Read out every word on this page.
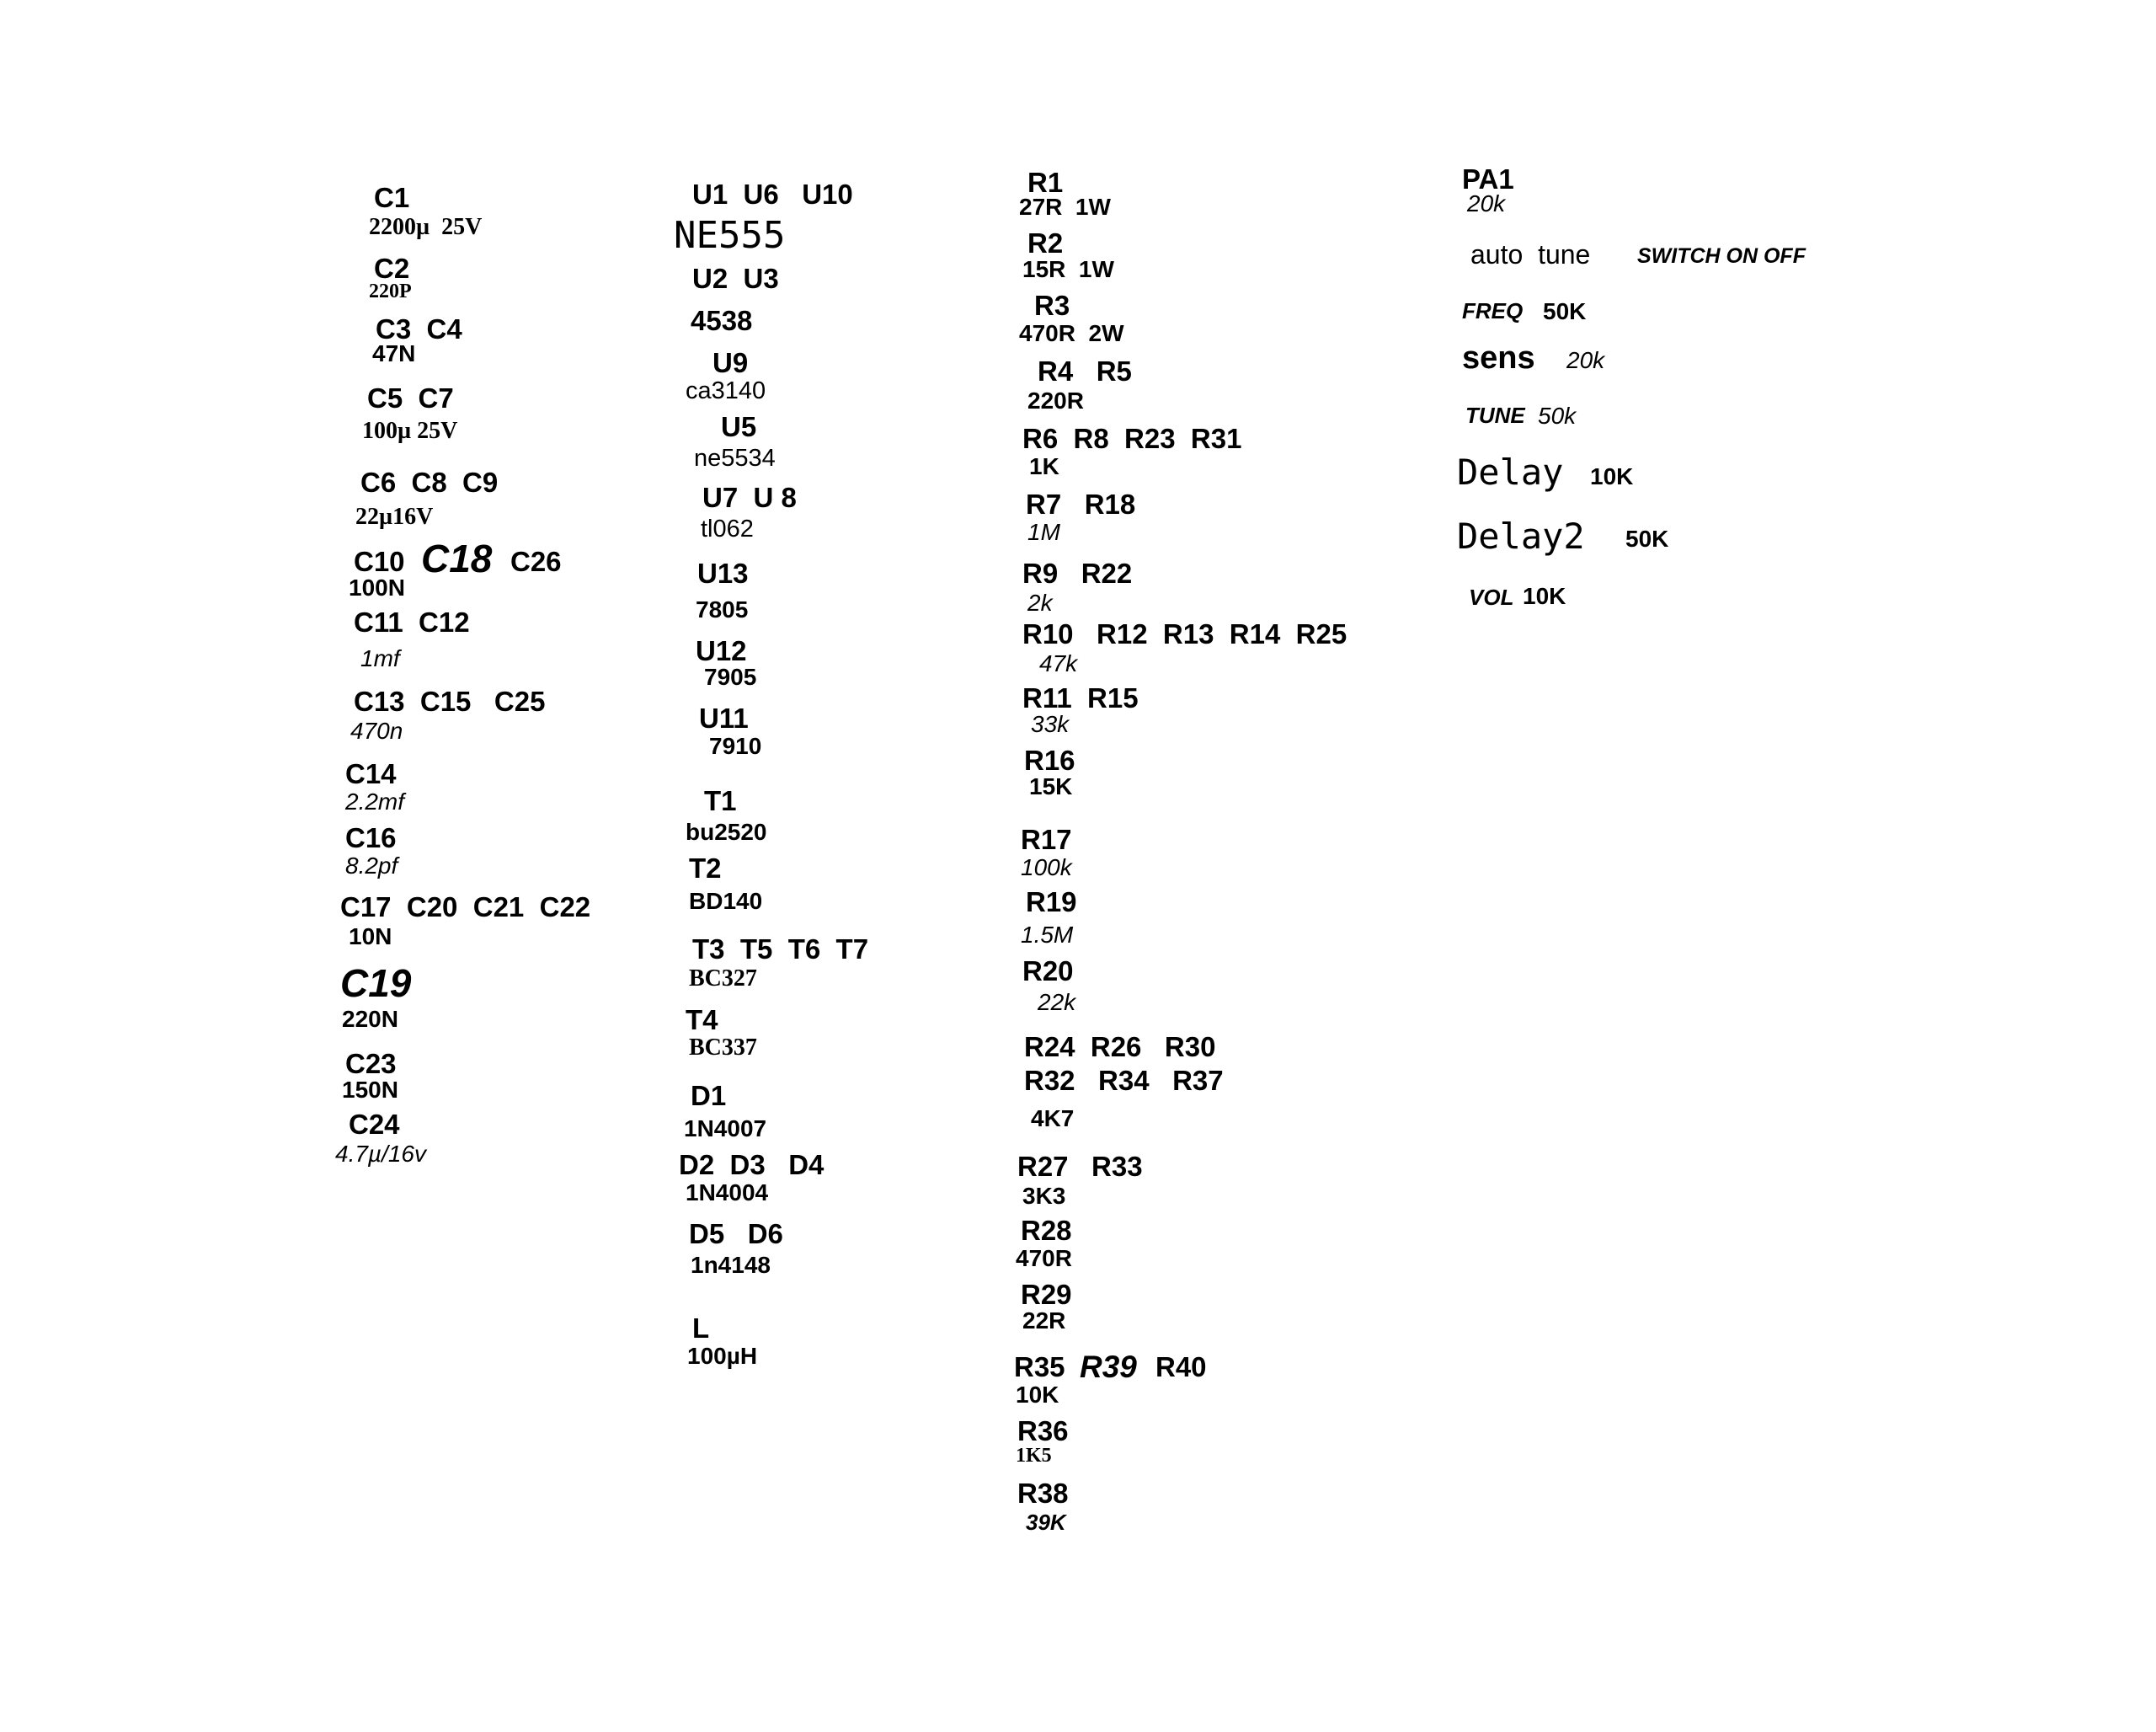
C1
2200µ  25V
C2
220P
C3  C4
47N
C5  C7
100µ 25V
C6  C8  C9
22µ16V
C10 C18 C26
100N
C11  C12
1mf
C13  C15   C25
470n
C14
2.2mf
C16
8.2pf
C17  C20  C21  C22
10N
C19
220N
C23
150N
C24
4.7µ/16v
U1  U6   U10
NE555
U2  U3
4538
U9
ca3140
U5
ne5534
U7  U 8
tl062
U13
7805
U12
7905
U11
7910
T1
bu2520
T2
BD140
T3  T5  T6  T7
BC327
T4
BC337
D1
1N4007
D2  D3   D4
1N4004
D5   D6
1n4148
L
100µH
R1
27R  1W
R2
15R  1W
R3
470R  2W
R4   R5
220R
R6  R8  R23  R31
1K
R7   R18
1M
R9   R22
2k
R10   R12  R13  R14  R25
47k
R11  R15
33k
R16
15K
R17
100k
R19
1.5M
R20
22k
R24  R26   R30
R32   R34   R37
4K7
R27   R33
3K3
R28
470R
R29
22R
R35 R39 R40
10K
R36
1K5
R38
39K
PA1
20k
auto  tune SWITCH ON OFF
FREQ 50K
sens 20k
TUNE 50k
Delay 10K
Delay2 50K
VOL 10K
